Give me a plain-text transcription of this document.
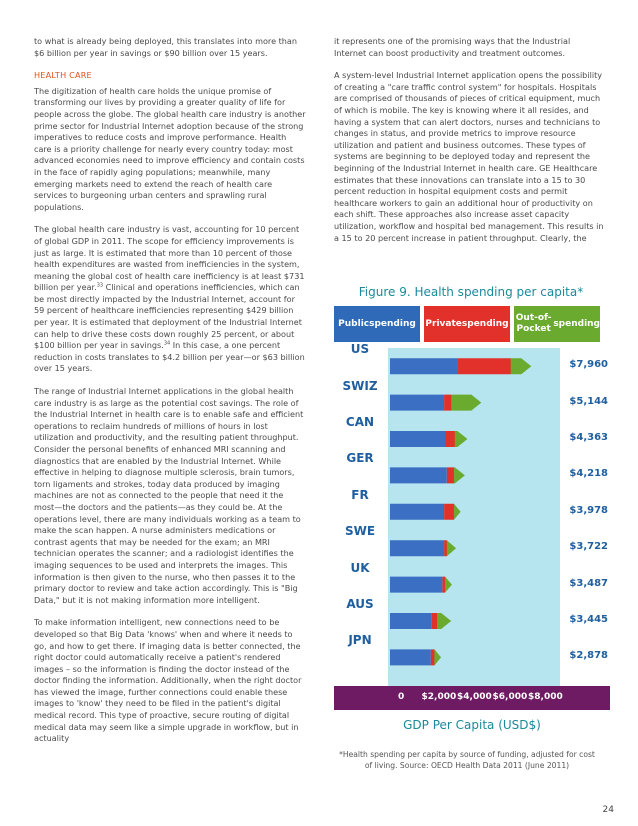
to what is already being deployed, this translates into more than $6 billion per year in savings or $90 billion over 15 years.

HEALTH CARE

The digitization of health care holds the unique promise of transforming our lives by providing a greater quality of life for people across the globe. The global health care industry is another prime sector for Industrial Internet adoption because of the strong imperatives to reduce costs and improve performance. Health care is a priority challenge for nearly every country today: most advanced economies need to improve efficiency and contain costs in the face of rapidly aging populations; meanwhile, many emerging markets need to extend the reach of health care services to burgeoning urban centers and sprawling rural populations.

The global health care industry is vast, accounting for 10 percent of global GDP in 2011. The scope for efficiency improvements is just as large. It is estimated that more than 10 percent of those health expenditures are wasted from inefficiencies in the system, meaning the global cost of health care inefficiency is at least $731 billion per year.$^{33}$ Clinical and operations inefficiencies, which can be most directly impacted by the Industrial Internet, account for 59 percent of healthcare inefficiencies representing $429 billion per year. It is estimated that deployment of the Industrial Internet can help to drive these costs down roughly 25 percent, or about $100 billion per year in savings.$^{34}$ In this case, a one percent reduction in costs translates to $4.2 billion per year—or $63 billion over 15 years.

The range of Industrial Internet applications in the global health care industry is as large as the potential cost savings. The role of the Industrial Internet in health care is to enable safe and efficient operations to reclaim hundreds of millions of hours in lost utilization and productivity, and the resulting patient throughput. Consider the personal benefits of enhanced MRI scanning and diagnostics that are enabled by the Industrial Internet. While effective in helping to diagnose multiple sclerosis, brain tumors, torn ligaments and strokes, today data produced by imaging machines are not as connected to the people that need it the most—the doctors and the patients—as they could be. At the operations level, there are many individuals working as a team to make the scan happen. A nurse administers medications or contrast agents that may be needed for the exam; an MRI technician operates the scanner; and a radiologist identifies the imaging sequences to be used and interprets the images. This information is then given to the nurse, who then passes it to the primary doctor to review and take action accordingly. This is "Big Data," but it is not making information more intelligent.

To make information intelligent, new connections need to be developed so that Big Data 'knows' when and where it needs to go, and how to get there. If imaging data is better connected, the right doctor could automatically receive a patient's rendered images – so the information is finding the doctor instead of the doctor finding the information. Additionally, when the right doctor has viewed the image, further connections could enable these images to 'know' they need to be filed in the patient's digital medical record. This type of proactive, secure routing of digital medical data may seem like a simple upgrade in workflow, but in actuality

it represents one of the promising ways that the Industrial Internet can boost productivity and treatment outcomes.

A system-level Industrial Internet application opens the possibility of creating a "care traffic control system" for hospitals. Hospitals are comprised of thousands of pieces of critical equipment, much of which is mobile. The key is knowing where it all resides, and having a system that can alert doctors, nurses and technicians to changes in status, and provide metrics to improve resource utilization and patient and business outcomes. These types of systems are beginning to be deployed today and represent the beginning of the Industrial Internet in health care. GE Healthcare estimates that these innovations can translate into a 15 to 30 percent reduction in hospital equipment costs and permit healthcare workers to gain an additional hour of productivity on each shift. These approaches also increase asset capacity utilization, workflow and hospital bed management. This results in a 15 to 20 percent increase in patient throughput. Clearly, the

Figure 9. Health spending per capita*
0 $2,000 $4,000 $6,000 $8,000
GDP Per Capita (USD$)
Public spending Private spending
Out-of-Pocket

spending
US
$7,960
SWIZ
$5,144
CAN
$4,363
GER
$4,218
FR
$3,978
SWE
$3,722
UK
$3,487
AUS
$3,445
JPN
$2,878
*Health spending per capita by source of funding, adjusted for cost of living. Source: OECD Health Data 2011 (June 2011)
24
